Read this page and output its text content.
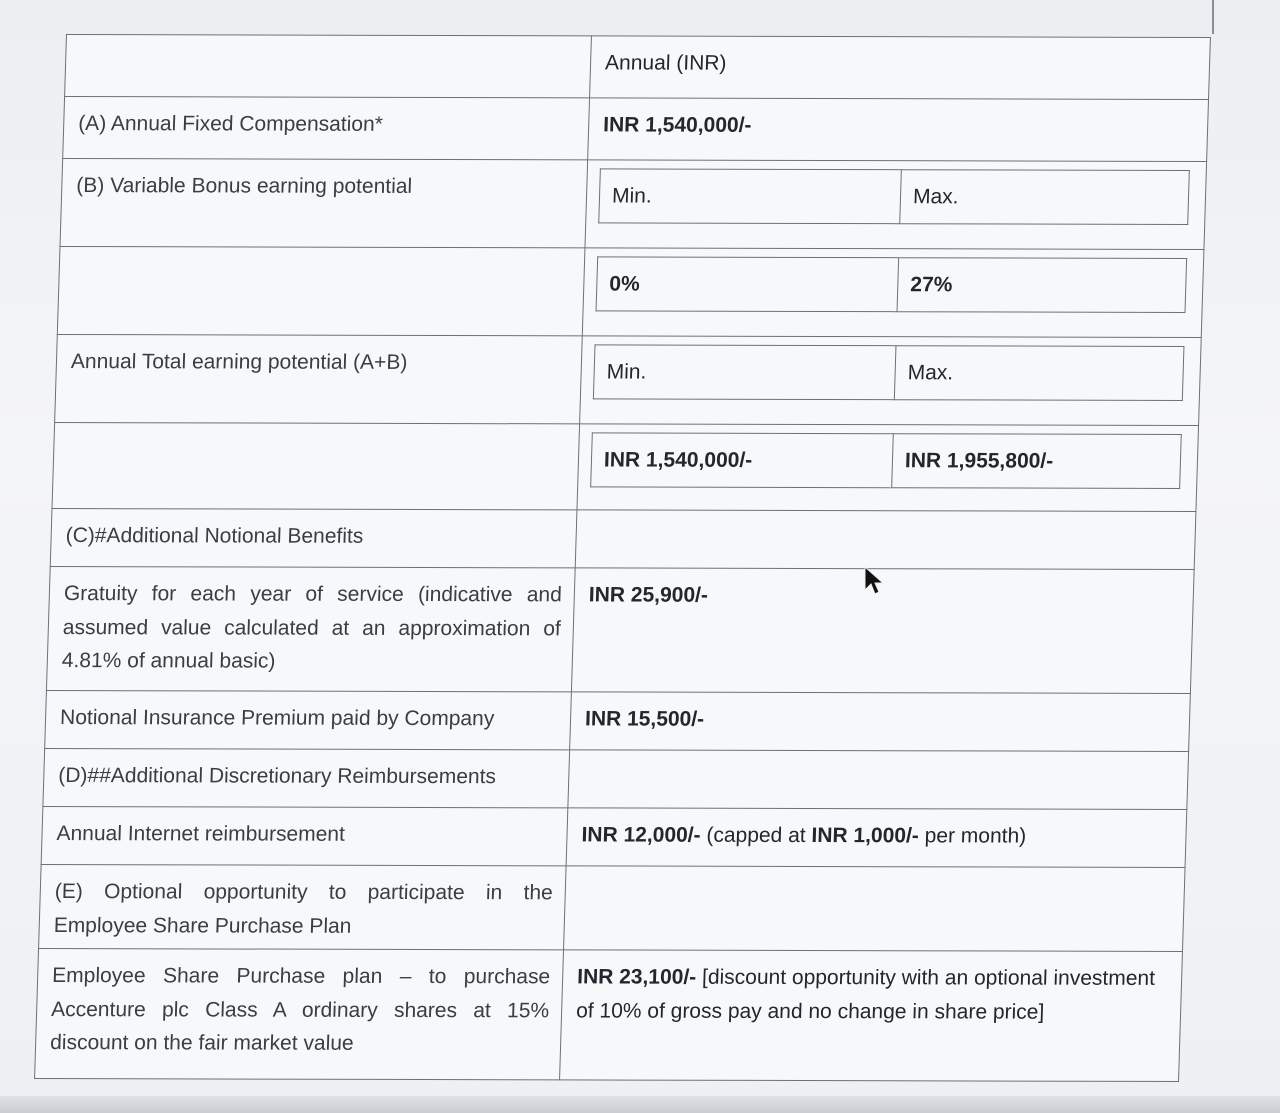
	Annual (INR)
(A) Annual Fixed Compensation*	INR 1,540,000/-
(B) Variable Bonus earning potential		Min.	Max.

0%	27%

Annual Total earning potential (A+B)		Min.	Max.

INR 1,540,000/-	INR 1,955,800/-

(C)#Additional Notional Benefits	
Gratuity for each year of service (indicative and assumed value calculated at an approximation of 4.81% of annual basic)	INR 25,900/-
Notional Insurance Premium paid by Company	INR 15,500/-
(D)##Additional Discretionary Reimbursements	
Annual Internet reimbursement	INR 12,000/- (capped at INR 1,000/- per month)
(E) Optional opportunity to participate in the Employee Share Purchase Plan	
Employee Share Purchase plan – to purchase Accenture plc Class A ordinary shares at 15% discount on the fair market value	INR 23,100/- [discount opportunity with an optional investment of 10% of gross pay and no change in share price]
